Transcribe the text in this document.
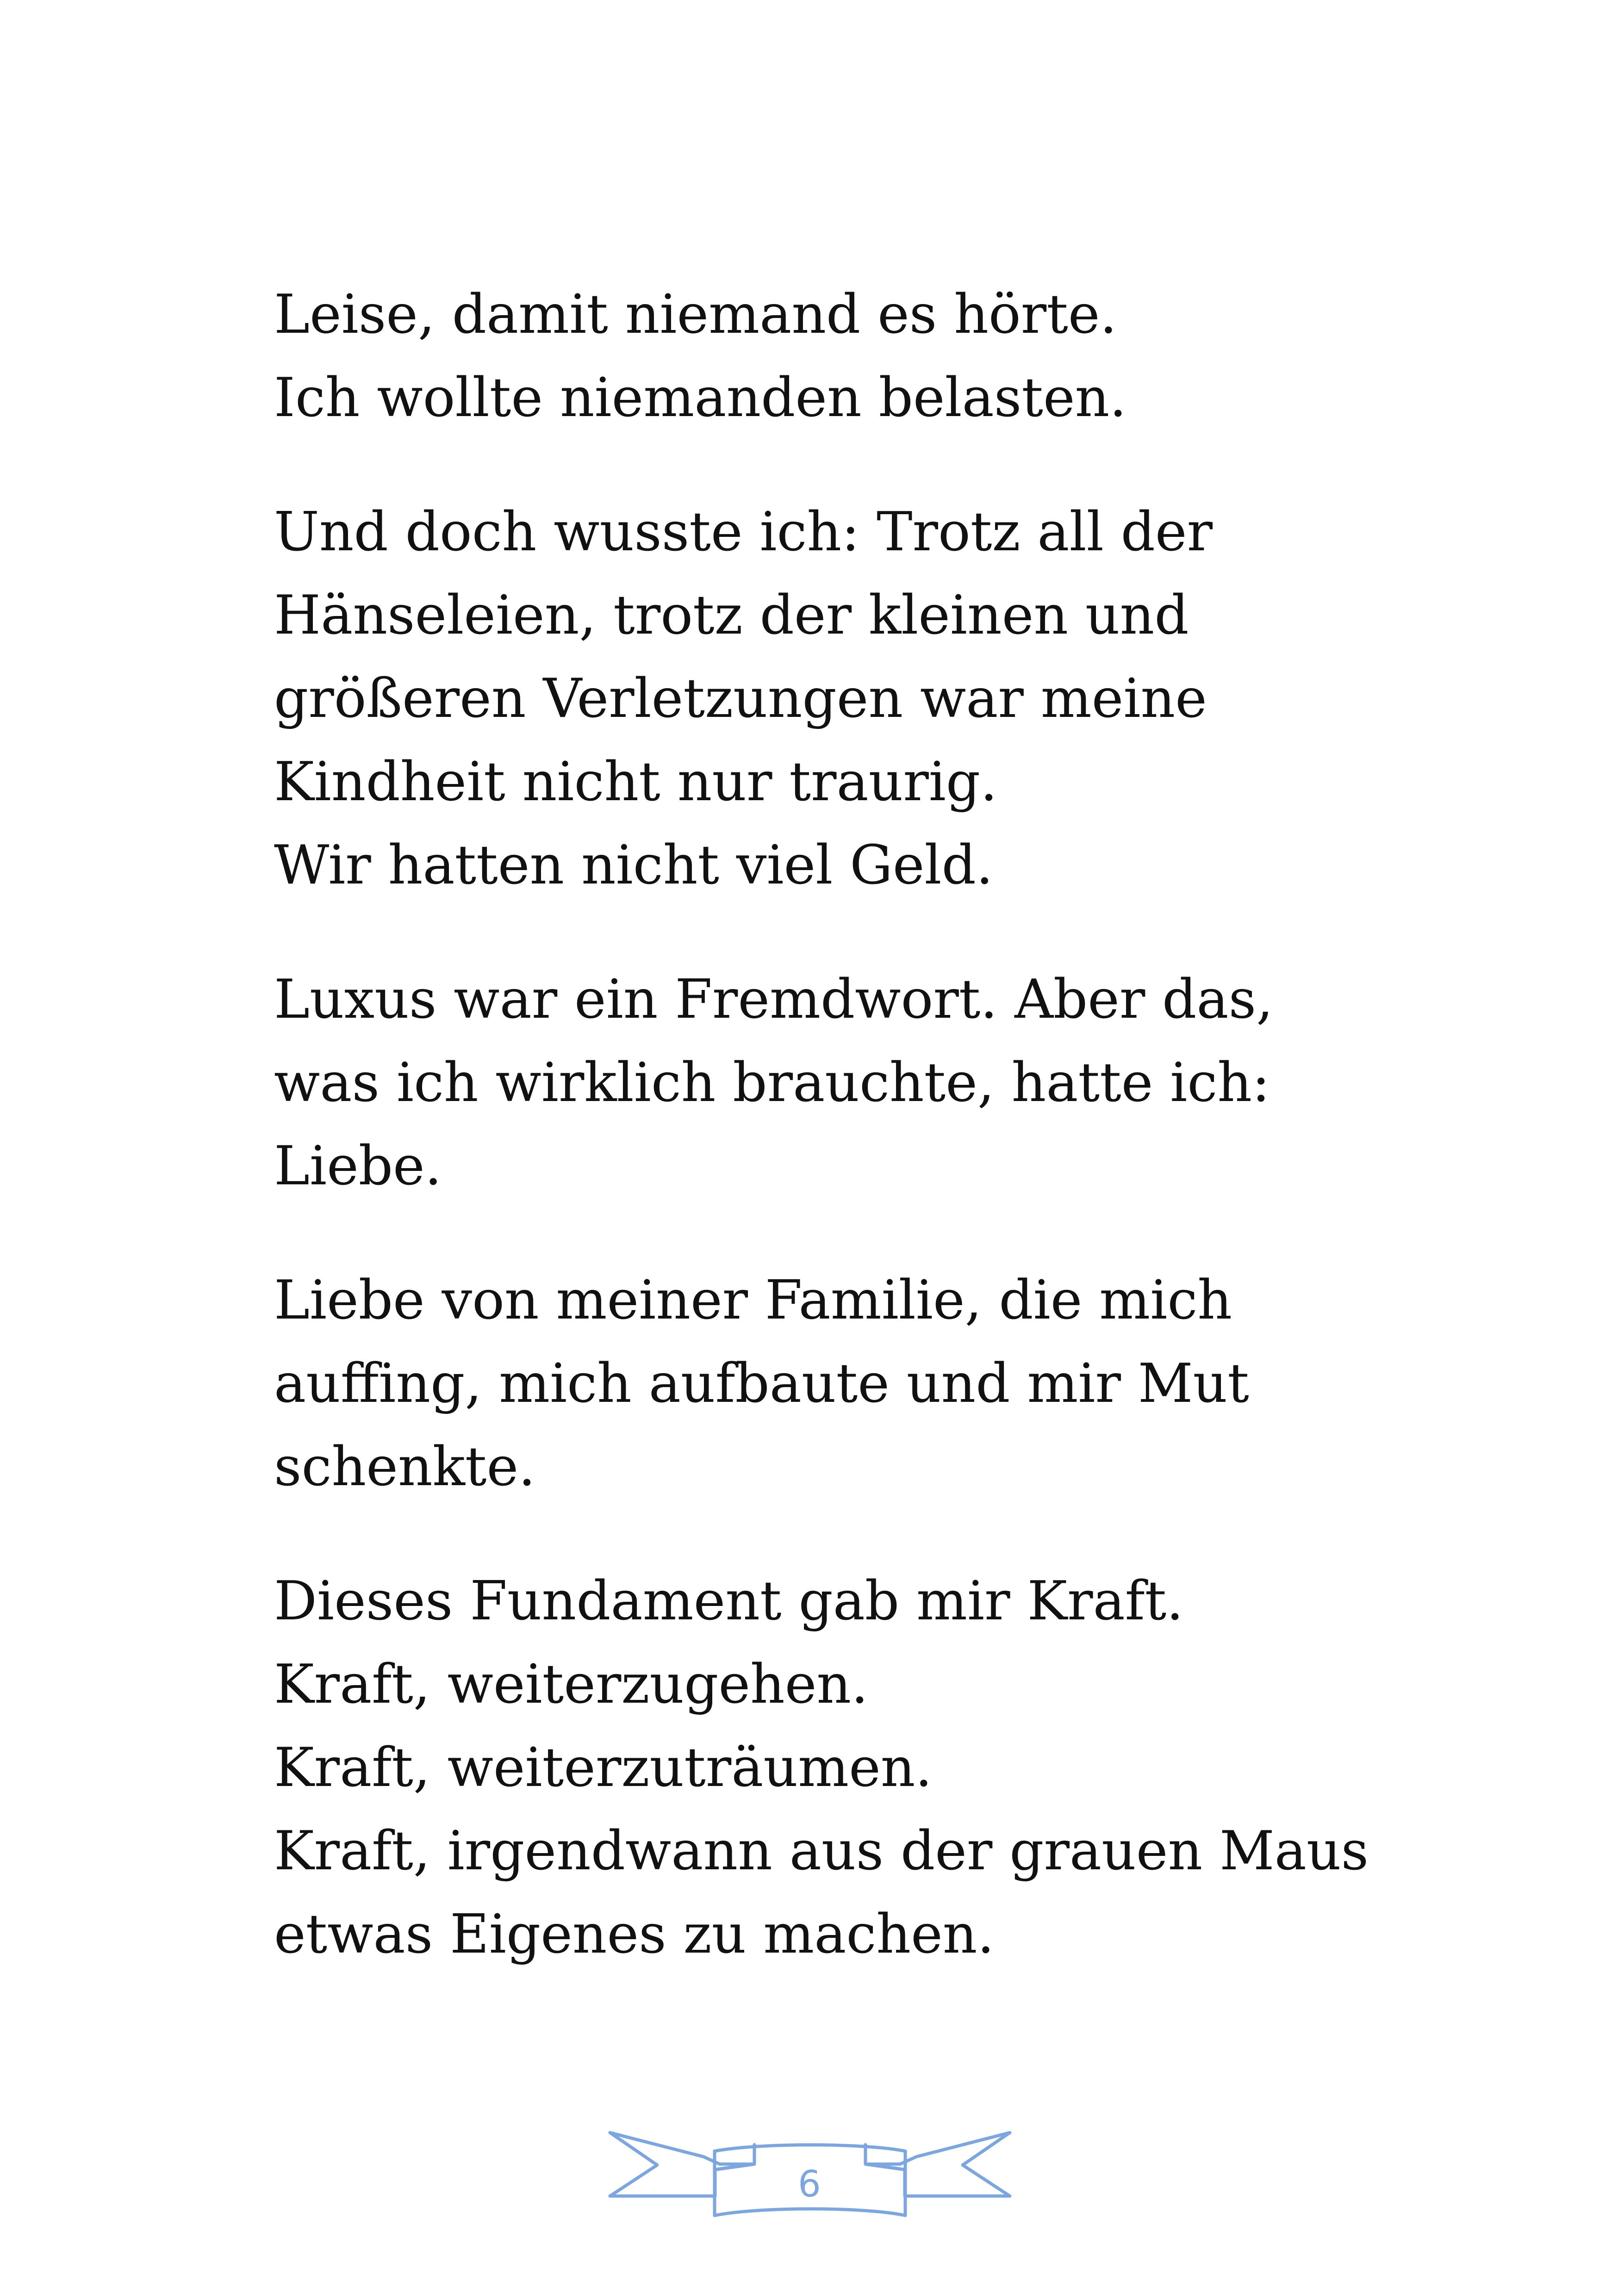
Leise, damit niemand es hörte.
Ich wollte niemanden belasten.

Und doch wusste ich: Trotz all der
Hänseleien, trotz der kleinen und
größeren Verletzungen war meine
Kindheit nicht nur traurig.
Wir hatten nicht viel Geld.

Luxus war ein Fremdwort. Aber das,
was ich wirklich brauchte, hatte ich:
Liebe.

Liebe von meiner Familie, die mich
auffing, mich aufbaute und mir Mut
schenkte.

Dieses Fundament gab mir Kraft.
Kraft, weiterzugehen.
Kraft, weiterzuträumen.
Kraft, irgendwann aus der grauen Maus
etwas Eigenes zu machen.

6
